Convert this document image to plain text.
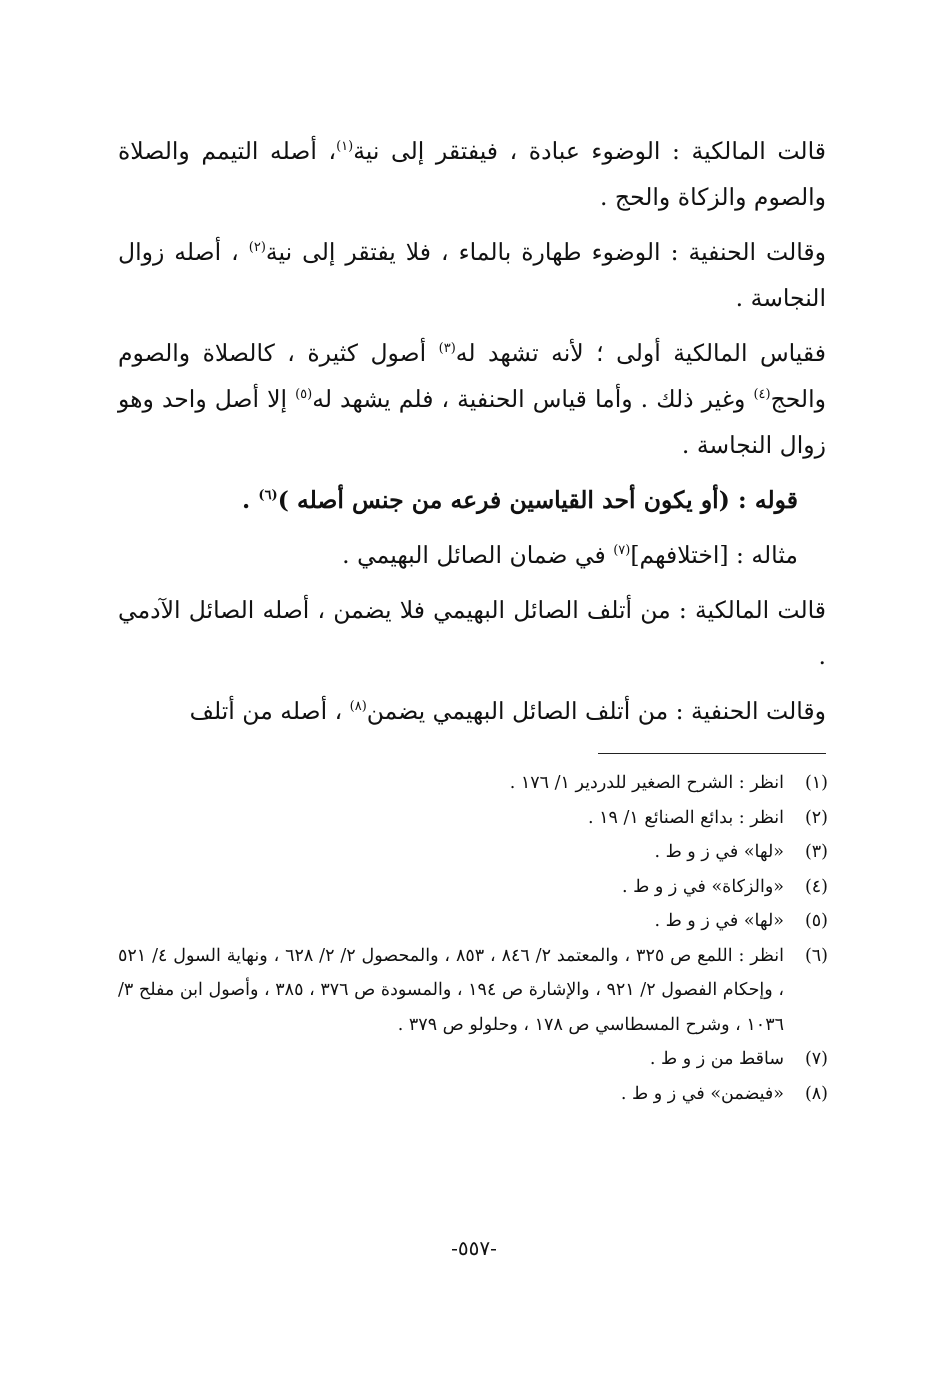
قالت المالكية : الوضوء عبادة ، فيفتقر إلى نية$^{(١)}$، أصله التيمم والصلاة والصوم والزكاة والحج .

وقالت الحنفية : الوضوء طهارة بالماء ، فلا يفتقر إلى نية$^{(٢)}$ ، أصله زوال النجاسة .

فقياس المالكية أولى ؛ لأنه تشهد له$^{(٣)}$ أصول كثيرة ، كالصلاة والصوم والحج$^{(٤)}$ وغير ذلك . وأما قياس الحنفية ، فلم يشهد له$^{(٥)}$ إلا أصل واحد وهو زوال النجاسة .

قوله : (أو يكون أحد القياسين فرعه من جنس أصله )$^{(٦)}$ .

مثاله : [اختلافهم]$^{(٧)}$ في ضمان الصائل البهيمي .

قالت المالكية : من أتلف الصائل البهيمي فلا يضمن ، أصله الصائل الآدمي .

وقالت الحنفية : من أتلف الصائل البهيمي يضمن$^{(٨)}$ ، أصله من أتلف

(١)
انظر : الشرح الصغير للدردير ١/ ١٧٦ .
(٢)
انظر : بدائع الصنائع ١/ ١٩ .
(٣)
«لها» في ز و ط .
(٤)
«والزكاة» في ز و ط .
(٥)
«لها» في ز و ط .
(٦)
انظر : اللمع ص ٣٢٥ ، والمعتمد ٢/ ٨٤٦ ، ٨٥٣ ، والمحصول ٢/ ٢/ ٦٢٨ ، ونهاية السول ٤/ ٥٢١ ، وإحكام الفصول ٢/ ٩٢١ ، والإشارة ص ١٩٤ ، والمسودة ص ٣٧٦ ، ٣٨٥ ، وأصول ابن مفلح ٣/ ١٠٣٦ ، وشرح المسطاسي ص ١٧٨ ، وحلولو ص ٣٧٩ .
(٧)
ساقط من ز و ط .
(٨)
«فيضمن» في ز و ط .
-٥٥٧-
